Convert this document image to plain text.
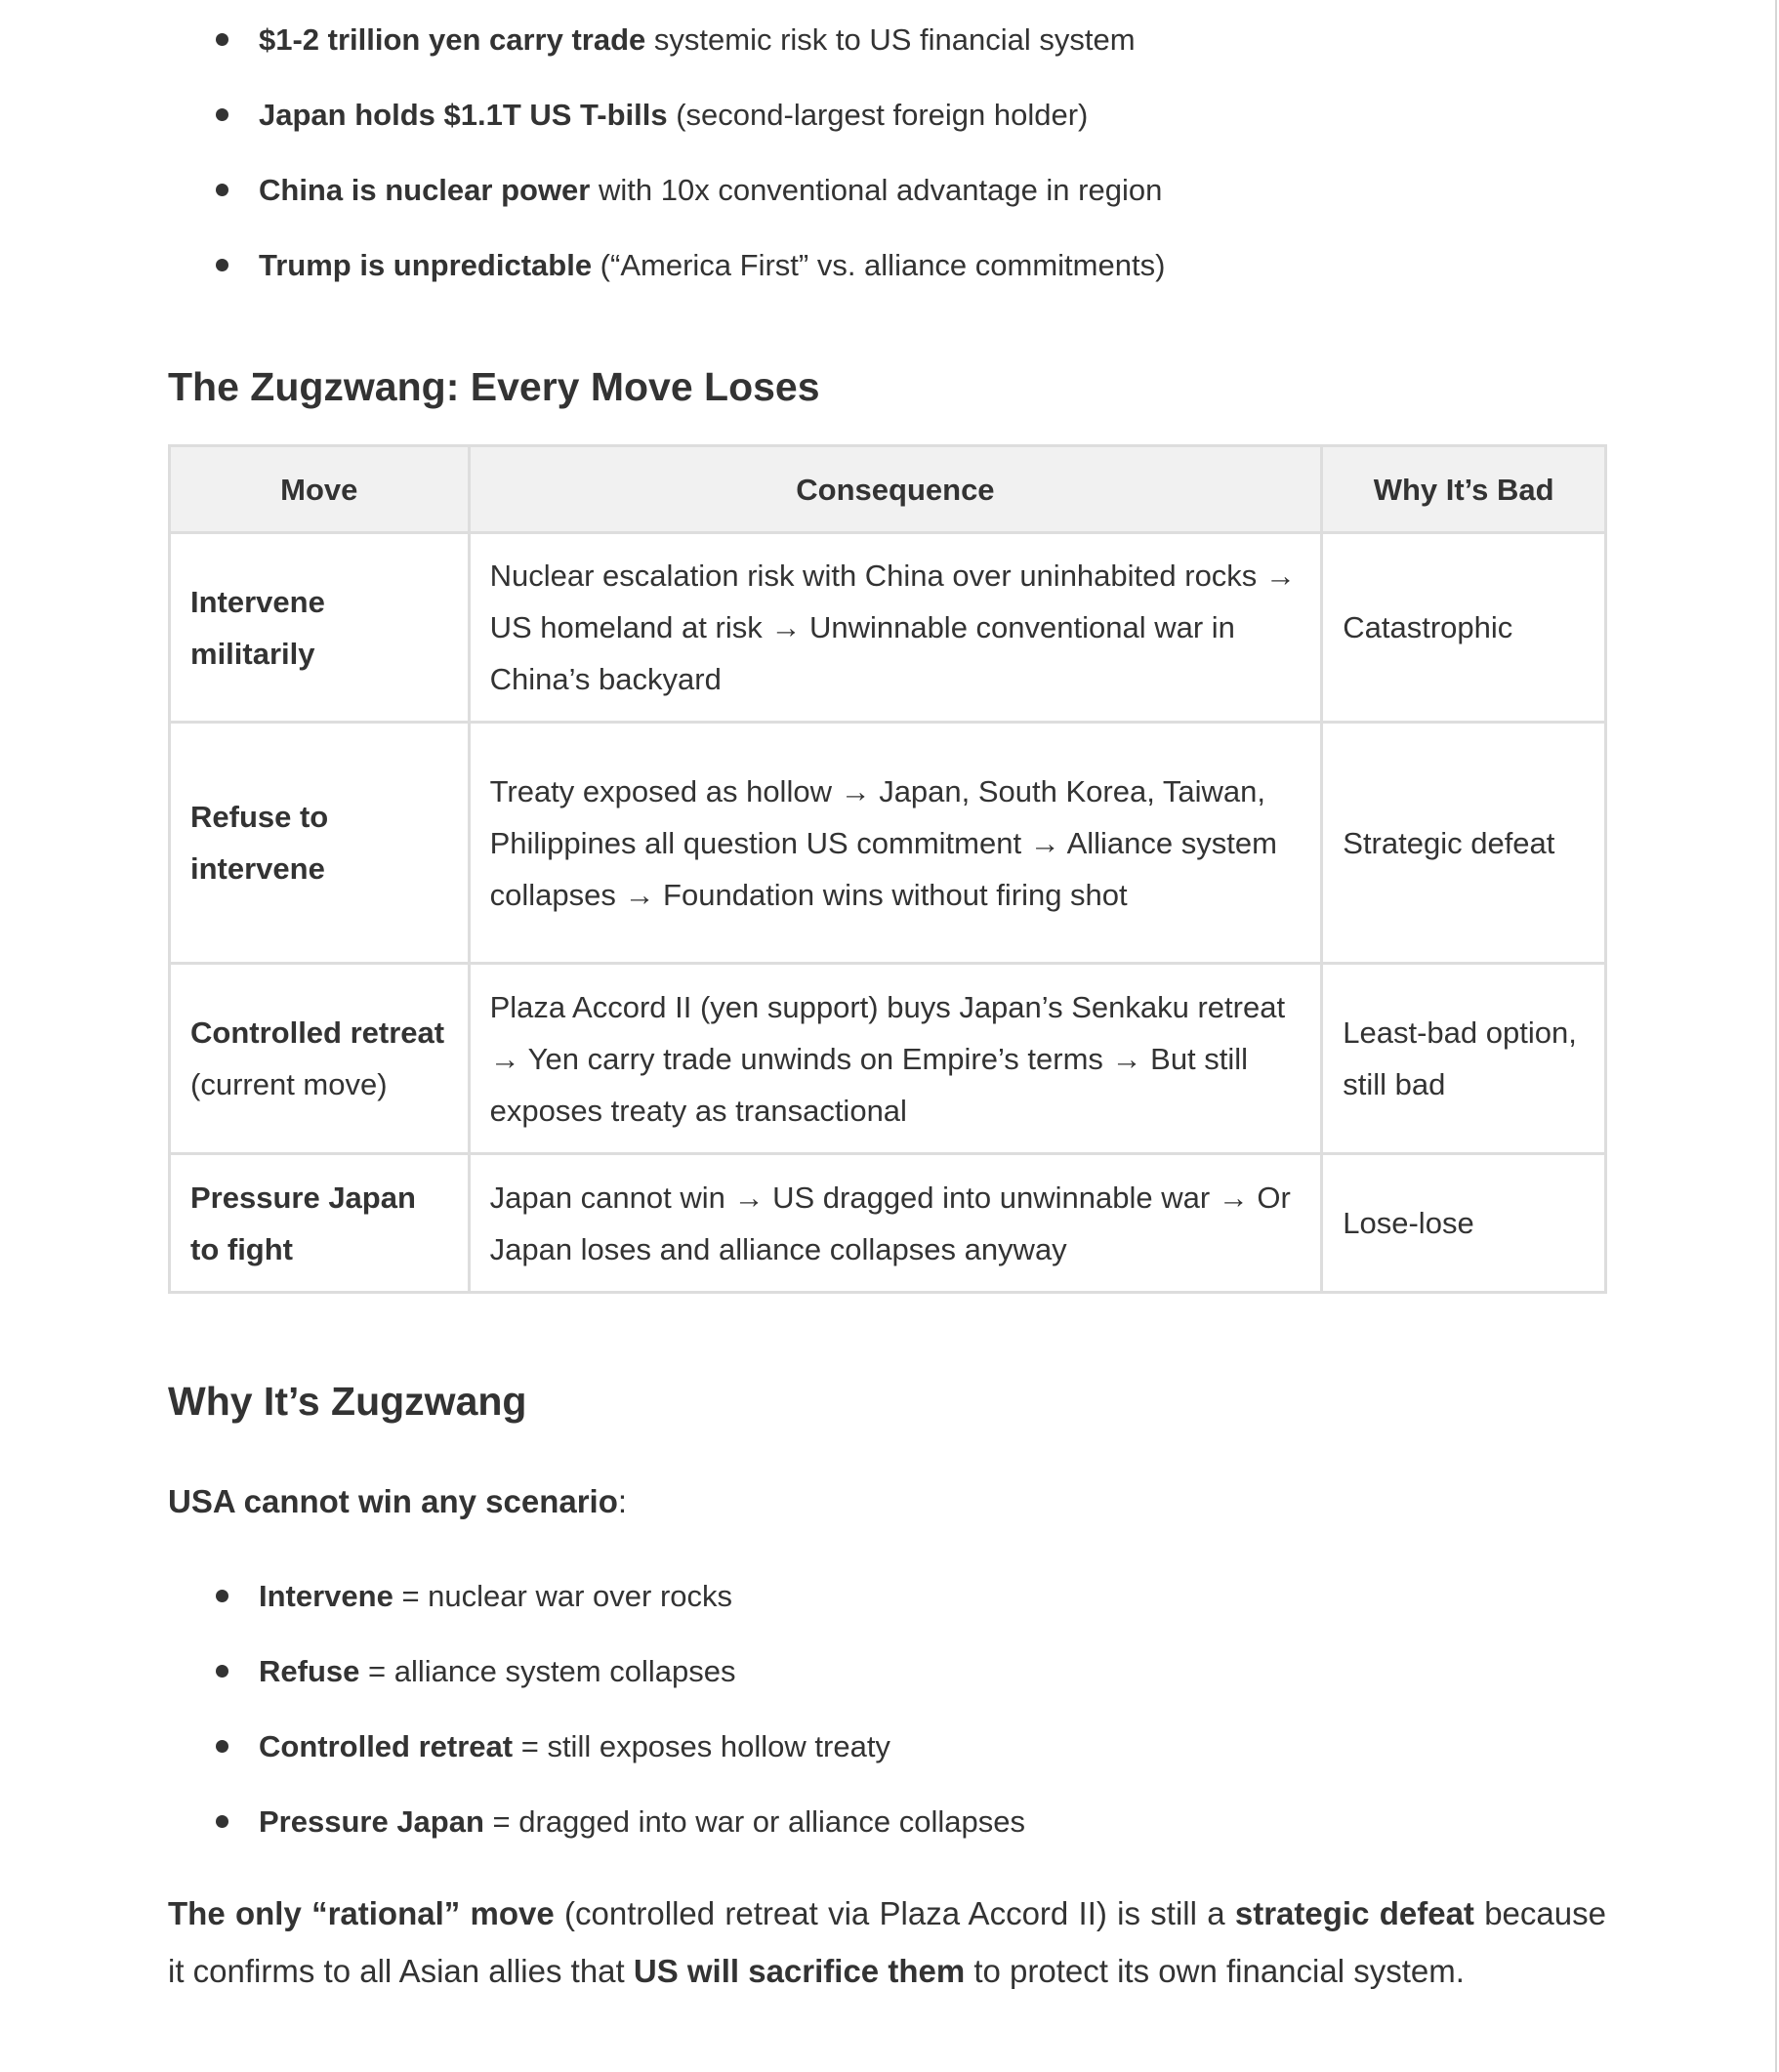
$1-2 trillion yen carry trade systemic risk to US financial system
Japan holds $1.1T US T-bills (second-largest foreign holder)
China is nuclear power with 10x conventional advantage in region
Trump is unpredictable (“America First” vs. alliance commitments)
The Zugzwang: Every Move Loses
Move	Consequence	Why It’s Bad
Intervene militarily	Nuclear escalation risk with China over uninhabited rocks → US homeland at risk → Unwinnable conventional war in China’s backyard	Catastrophic
Refuse to intervene	Treaty exposed as hollow → Japan, South Korea, Taiwan, Philippines all question US commitment → Alliance system collapses → Foundation wins without firing shot	Strategic defeat
Controlled retreat (current move)	Plaza Accord II (yen support) buys Japan’s Senkaku retreat → Yen carry trade unwinds on Empire’s terms → But still exposes treaty as transactional	Least-bad option, still bad
Pressure Japan to fight	Japan cannot win → US dragged into unwinnable war → Or Japan loses and alliance collapses anyway	Lose-lose
Why It’s Zugzwang

USA cannot win any scenario:

Intervene = nuclear war over rocks
Refuse = alliance system collapses
Controlled retreat = still exposes hollow treaty
Pressure Japan = dragged into war or alliance collapses

The only “rational” move (controlled retreat via Plaza Accord II) is still a strategic defeat because it confirms to all Asian allies that US will sacrifice them to protect its own financial system.
